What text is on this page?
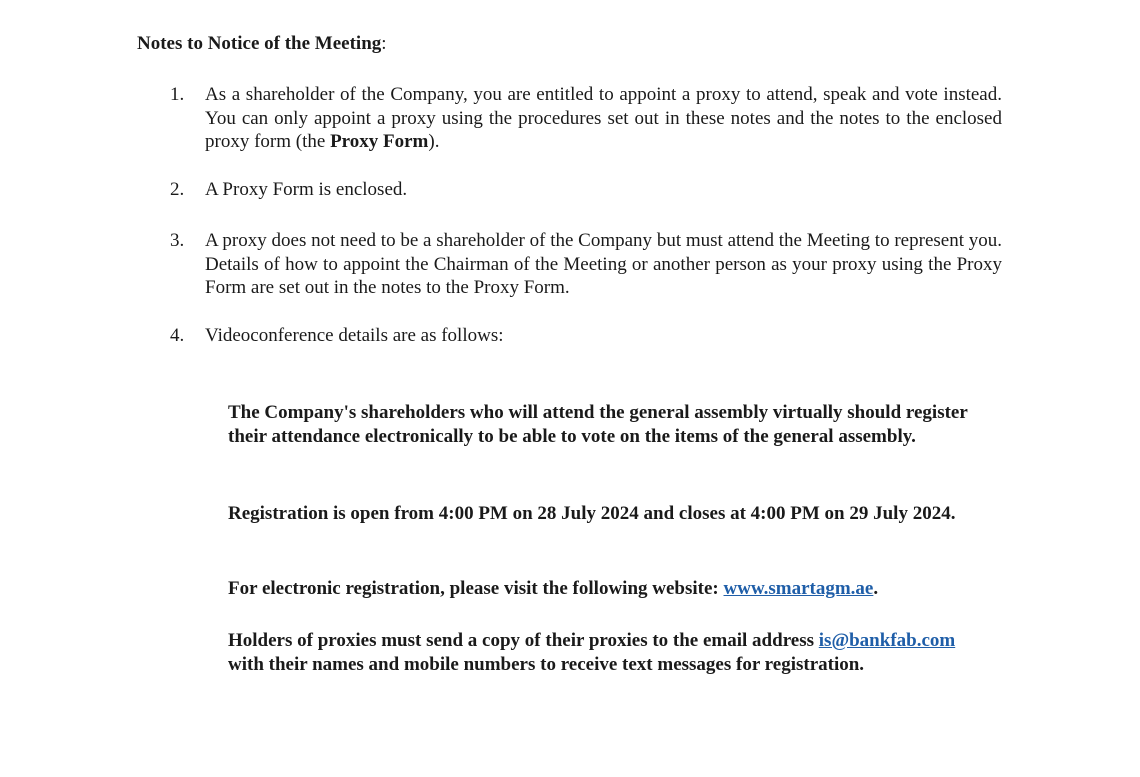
Notes to Notice of the Meeting:
1.	As a shareholder of the Company, you are entitled to appoint a proxy to attend, speak and vote instead. You can only appoint a proxy using the procedures set out in these notes and the notes to the enclosed proxy form (the Proxy Form).
2.	A Proxy Form is enclosed.
3.	A proxy does not need to be a shareholder of the Company but must attend the Meeting to represent you. Details of how to appoint the Chairman of the Meeting or another person as your proxy using the Proxy Form are set out in the notes to the Proxy Form.
4.	Videoconference details are as follows:
The Company's shareholders who will attend the general assembly virtually should register their attendance electronically to be able to vote on the items of the general assembly.
Registration is open from 4:00 PM on 28 July 2024 and closes at 4:00 PM on 29 July 2024.
For electronic registration, please visit the following website: www.smartagm.ae.
Holders of proxies must send a copy of their proxies to the email address is@bankfab.com with their names and mobile numbers to receive text messages for registration.
